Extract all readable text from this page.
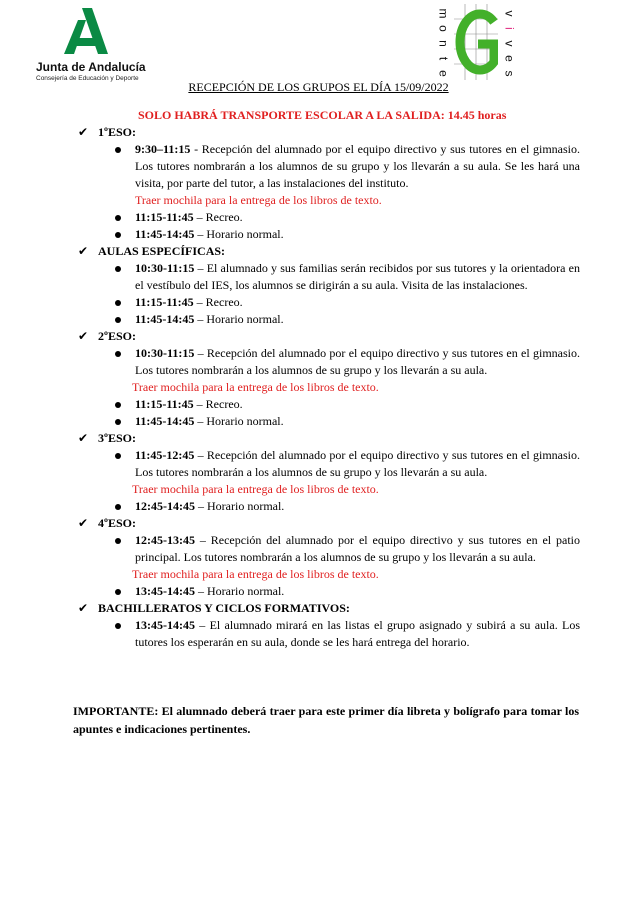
Junta de Andalucía
Consejería de Educación y Deporte
m
o
n
t
e
v
i
v
e
s
RECEPCIÓN DE LOS GRUPOS EL DÍA 15/09/2022
SOLO HABRÁ TRANSPORTE ESCOLAR A LA SALIDA: 14.45 horas
✔ 1ºESO:
9:30–11:15 - Recepción del alumnado por el equipo directivo y sus tutores en el gimnasio. Los tutores nombrarán a los alumnos de su grupo y los llevarán a su aula. Se les hará una visita, por parte del tutor, a las instalaciones del instituto.
Traer mochila para la entrega de los libros de texto.
11:15-11:45 – Recreo.
11:45-14:45 – Horario normal.
✔ AULAS ESPECÍFICAS:
10:30-11:15 – El alumnado y sus familias serán recibidos por sus tutores y la orientadora en el vestíbulo del IES, los alumnos se dirigirán a su aula. Visita de las instalaciones.
11:15-11:45 – Recreo.
11:45-14:45 – Horario normal.
✔ 2ºESO:
10:30-11:15 – Recepción del alumnado por el equipo directivo y sus tutores en el gimnasio. Los tutores nombrarán a los alumnos de su grupo y los llevarán a su aula.
Traer mochila para la entrega de los libros de texto.
11:15-11:45 – Recreo.
11:45-14:45 – Horario normal.
✔ 3ºESO:
11:45-12:45 – Recepción del alumnado por el equipo directivo y sus tutores en el gimnasio. Los tutores nombrarán a los alumnos de su grupo y los llevarán a su aula.
Traer mochila para la entrega de los libros de texto.
12:45-14:45 – Horario normal.
✔ 4ºESO:
12:45-13:45 – Recepción del alumnado por el equipo directivo y sus tutores en el patio principal. Los tutores nombrarán a los alumnos de su grupo y los llevarán a su aula.
Traer mochila para la entrega de los libros de texto.
13:45-14:45 – Horario normal.
✔ BACHILLERATOS Y CICLOS FORMATIVOS:
13:45-14:45 – El alumnado mirará en las listas el grupo asignado y subirá a su aula. Los tutores los esperarán en su aula, donde se les hará entrega del horario.
IMPORTANTE: El alumnado deberá traer para este primer día libreta y bolígrafo para tomar los apuntes e indicaciones pertinentes.
